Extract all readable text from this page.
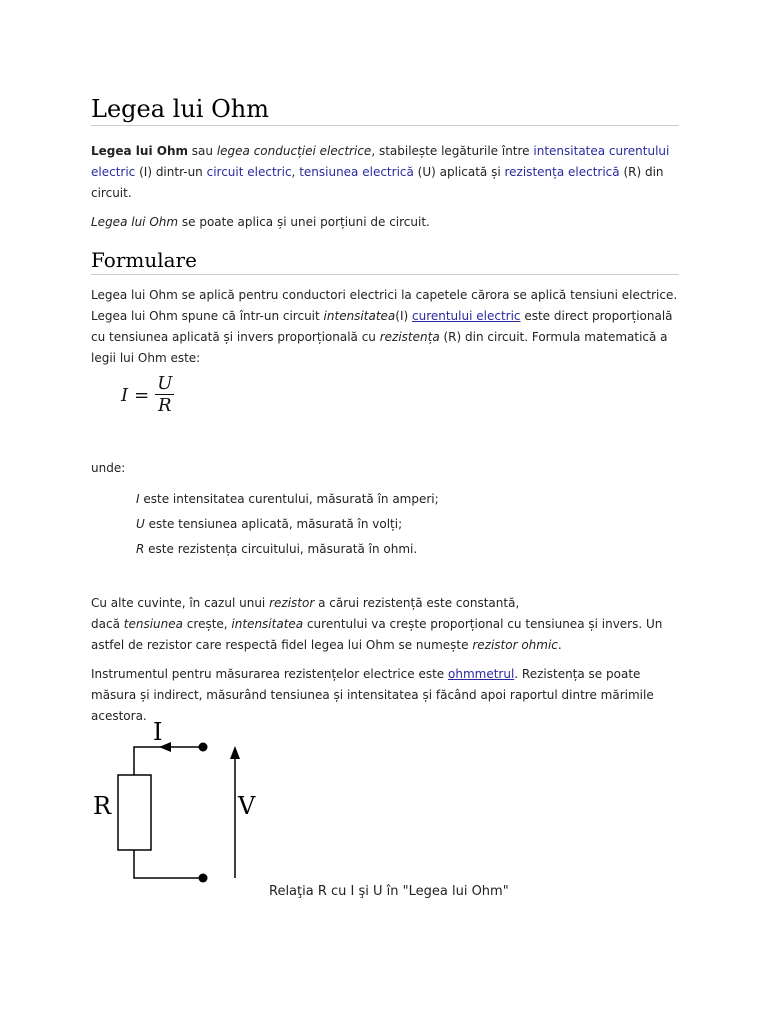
Legea lui Ohm

Legea lui Ohm sau legea conducției electrice, stabilește legăturile între intensitatea curentului electric (I) dintr-un circuit electric, tensiunea electrică (U) aplicată și rezistența electrică (R) din circuit.

Legea lui Ohm se poate aplica și unei porțiuni de circuit.

Formulare

Legea lui Ohm se aplică pentru conductori electrici la capetele cărora se aplică tensiuni electrice. Legea lui Ohm spune că într-un circuit intensitatea(I) curentului electric este direct proporțională cu tensiunea aplicată și invers proporțională cu rezistența (R) din circuit. Formula matematică a legii lui Ohm este:

$I = \frac{U}{R}$

unde:

I este intensitatea curentului, măsurată în amperi;
U este tensiunea aplicată, măsurată în volți;
R este rezistența circuitului, măsurată în ohmi.

Cu alte cuvinte, în cazul unui rezistor a cărui rezistență este constantă,
dacă tensiunea crește, intensitatea curentului va crește proporțional cu tensiunea și invers. Un astfel de rezistor care respectă fidel legea lui Ohm se numește rezistor ohmic.

Instrumentul pentru măsurarea rezistențelor electrice este ohmmetrul. Rezistența se poate măsura și indirect, măsurând tensiunea și intensitatea și făcând apoi raportul dintre mărimile acestora.

I
R	V
Relaţia R cu I şi U în "Legea lui Ohm"
